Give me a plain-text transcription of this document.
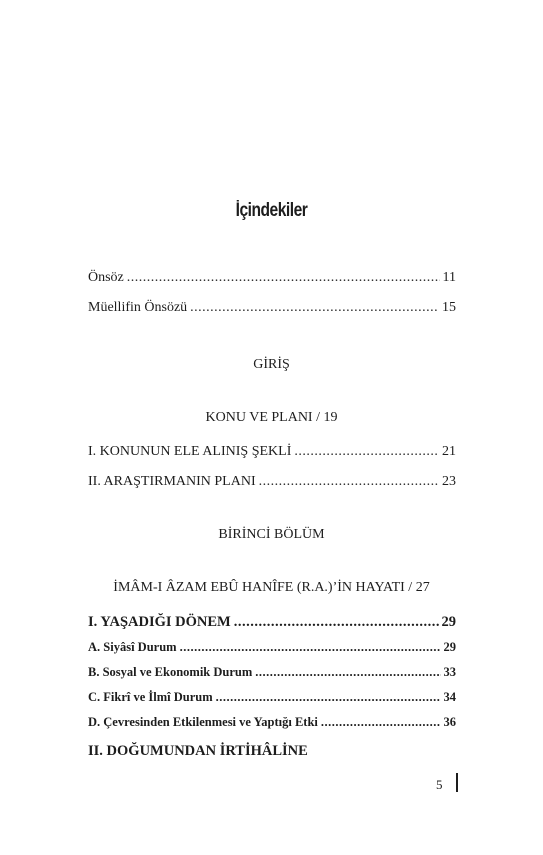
İçindekiler
Önsöz .....	11
Müellifin Önsözü .....	15
GİRİŞ
KONU VE PLANI / 19
I. KONUNUN ELE ALINIŞ ŞEKLİ .....	21
II. ARAŞTIRMANIN PLANI .....	23
BİRİNCİ BÖLÜM
İMÂM-I ÂZAM EBÛ HANÎFE (R.A.)’İN HAYATI / 27
I. YAŞADIĞI DÖNEM .....	29
A. Siyâsî Durum .....	29
B. Sosyal ve Ekonomik Durum .....	33
C. Fikrî ve İlmî Durum .....	34
D. Çevresinden Etkilenmesi ve Yaptığı Etki .....	36
II. DOĞUMUNDAN İRTİHÂLİNE
5
